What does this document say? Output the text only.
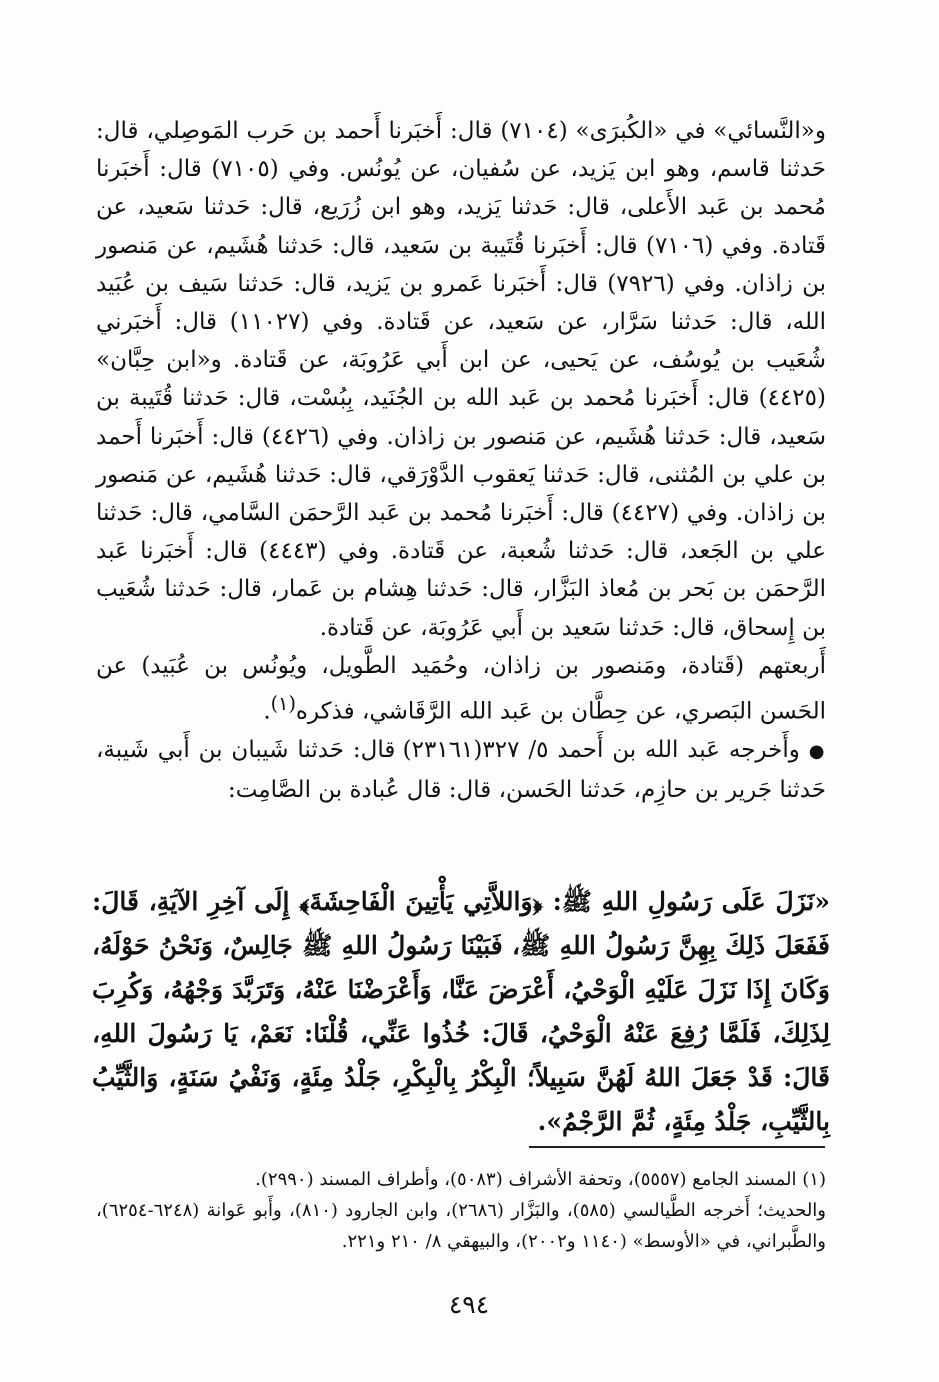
و«النَّسائي» في «الكُبرَى» (٧١٠٤) قال: أَخبَرنا أَحمد بن حَرب المَوصِلي، قال: حَدثنا قاسم، وهو ابن يَزيد، عن سُفيان، عن يُونُس. وفي (٧١٠٥) قال: أَخبَرنا مُحمد بن عَبد الأَعلى، قال: حَدثنا يَزيد، وهو ابن زُرَيع، قال: حَدثنا سَعيد، عن قَتادة. وفي (٧١٠٦) قال: أَخبَرنا قُتَيبة بن سَعيد، قال: حَدثنا هُشَيم، عن مَنصور بن زاذان. وفي (٧٩٢٦) قال: أَخبَرنا عَمرو بن يَزيد، قال: حَدثنا سَيف بن عُبَيد الله، قال: حَدثنا سَرَّار، عن سَعيد، عن قَتادة. وفي (١١٠٢٧) قال: أَخبَرني شُعَيب بن يُوسُف، عن يَحيى، عن ابن أَبي عَرُوبَة، عن قَتادة. و«ابن حِبَّان» (٤٤٢٥) قال: أَخبَرنا مُحمد بن عَبد الله بن الجُنَيد، بِبُسْت، قال: حَدثنا قُتَيبة بن سَعيد، قال: حَدثنا هُشَيم، عن مَنصور بن زاذان. وفي (٤٤٢٦) قال: أَخبَرنا أَحمد بن علي بن المُثنى، قال: حَدثنا يَعقوب الدَّوْرَقي، قال: حَدثنا هُشَيم، عن مَنصور بن زاذان. وفي (٤٤٢٧) قال: أَخبَرنا مُحمد بن عَبد الرَّحمَن السَّامي، قال: حَدثنا علي بن الجَعد، قال: حَدثنا شُعبة، عن قَتادة. وفي (٤٤٤٣) قال: أَخبَرنا عَبد الرَّحمَن بن بَحر بن مُعاذ البَزَّار، قال: حَدثنا هِشام بن عَمار، قال: حَدثنا شُعَيب بن إِسحاق، قال: حَدثنا سَعيد بن أَبي عَرُوبَة، عن قَتادة.

أَربعتهم (قَتادة، ومَنصور بن زاذان، وحُمَيد الطَّويل، ويُونُس بن عُبَيد) عن الحَسن البَصري، عن حِطَّان بن عَبد الله الرَّقَاشي، فذكره$^{(١)}$.

● وأَخرجه عَبد الله بن أَحمد ٥/ ٣٢٧(٢٣١٦١) قال: حَدثنا شَيبان بن أَبي شَيبة، حَدثنا جَرير بن حازِم، حَدثنا الحَسن، قال: قال عُبادة بن الصَّامِت:

«نَزَلَ عَلَى رَسُولِ اللهِ ﷺ: ﴿وَاللاَّتِي يَأْتِينَ الْفَاحِشَةَ﴾ إِلَى آخِرِ الآيَةِ، قَالَ: فَفَعَلَ ذَلِكَ بِهِنَّ رَسُولُ اللهِ ﷺ، فَبَيْنَا رَسُولُ اللهِ ﷺ جَالِسٌ، وَنَحْنُ حَوْلَهُ، وَكَانَ إِذَا نَزَلَ عَلَيْهِ الْوَحْيُ، أَعْرَضَ عَنَّا، وَأَعْرَضْنَا عَنْهُ، وَتَرَبَّدَ وَجْهُهُ، وَكُرِبَ لِذَلِكَ، فَلَمَّا رُفِعَ عَنْهُ الْوَحْيُ، قَالَ: خُذُوا عَنِّي، قُلْنَا: نَعَمْ، يَا رَسُولَ اللهِ، قَالَ: قَدْ جَعَلَ اللهُ لَهُنَّ سَبِيلاً؛ الْبِكْرُ بِالْبِكْرِ، جَلْدُ مِئَةٍ، وَنَفْيُ سَنَةٍ، وَالثَّيِّبُ بِالثَّيِّبِ، جَلْدُ مِئَةٍ، ثُمَّ الرَّجْمُ».

(١) المسند الجامع (٥٥٥٧)، وتحفة الأشراف (٥٠٨٣)، وأطراف المسند (٢٩٩٠).

والحديث؛ أَخرجه الطَّيالسي (٥٨٥)، والبَزَّار (٢٦٨٦)، وابن الجارود (٨١٠)، وأَبو عَوانة (٦٢٤٨-٦٢٥٤)، والطَّبراني، في «الأوسط» (١١٤٠ و٢٠٠٢)، والبيهقي ٨/ ٢١٠ و٢٢١.

٤٩٤
